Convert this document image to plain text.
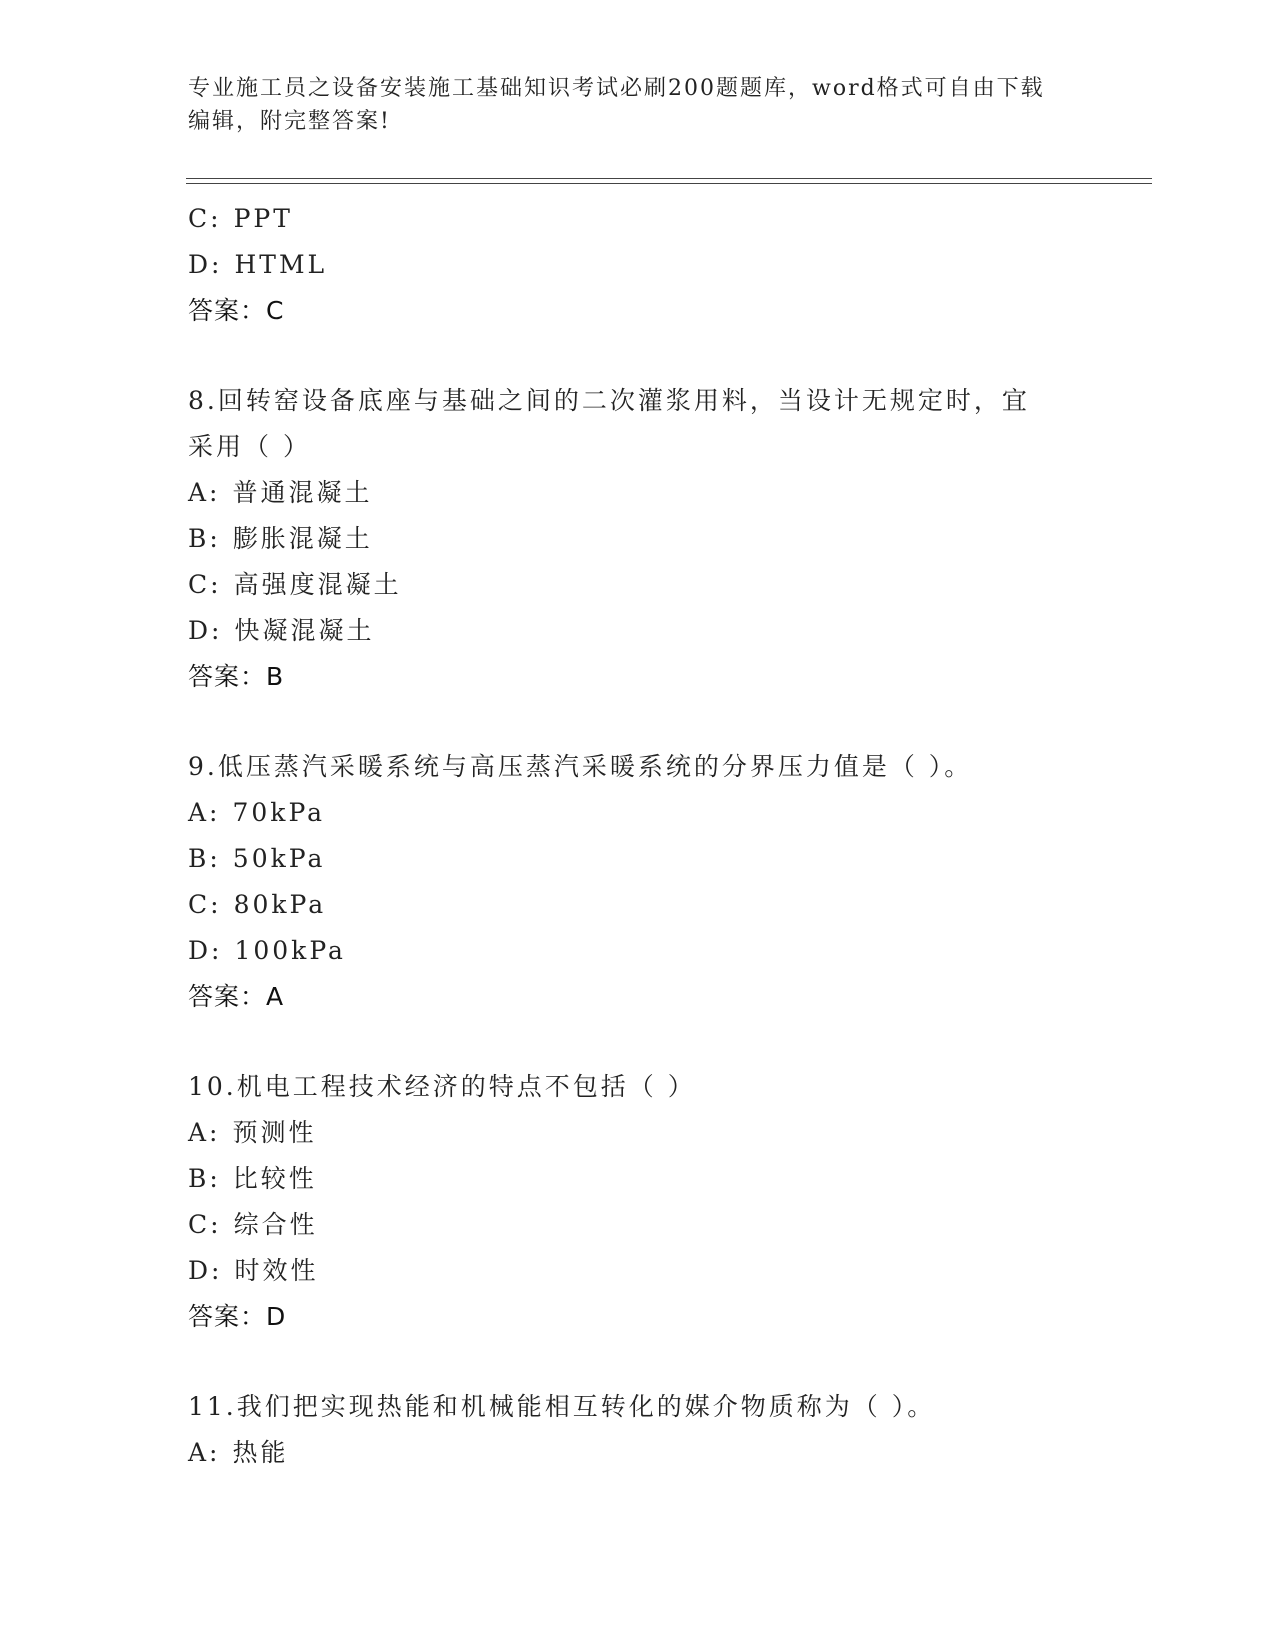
专业施工员之设备安装施工基础知识考试必刷200题题库，word格式可自由下载
编辑，附完整答案!
C: PPT
D: HTML
答案：C
8.回转窑设备底座与基础之间的二次灌浆用料，当设计无规定时，宜
采用（ ）
A: 普通混凝土
B: 膨胀混凝土
C: 高强度混凝土
D: 快凝混凝土
答案：B
9.低压蒸汽采暖系统与高压蒸汽采暖系统的分界压力值是（ ）。
A: 70kPa
B: 50kPa
C: 80kPa
D: 100kPa
答案：A
10.机电工程技术经济的特点不包括（ ）
A: 预测性
B: 比较性
C: 综合性
D: 时效性
答案：D
11.我们把实现热能和机械能相互转化的媒介物质称为（ ）。
A: 热能
